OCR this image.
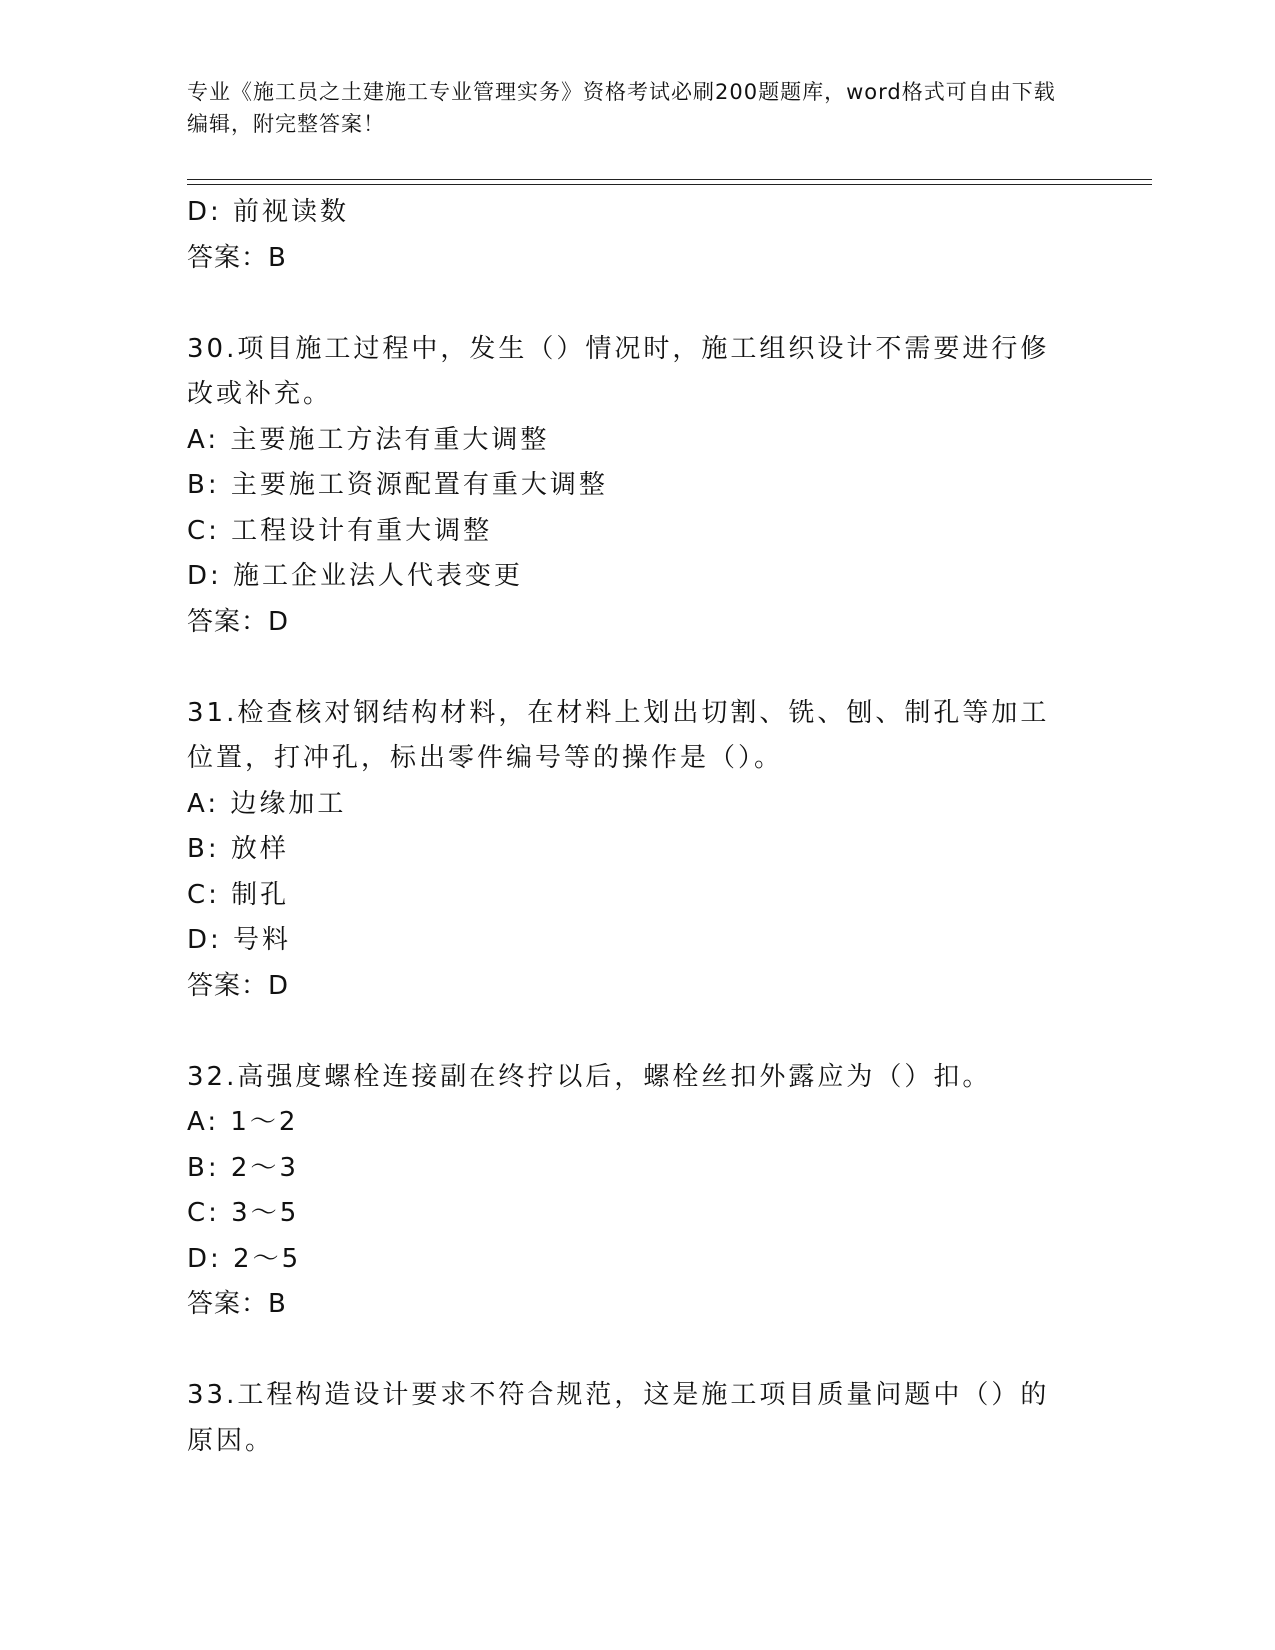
专业《施工员之土建施工专业管理实务》资格考试必刷200题题库，word格式可自由下载编辑，附完整答案！
D: 前视读数
答案：B
30.项目施工过程中，发生（）情况时，施工组织设计不需要进行修改或补充。
A: 主要施工方法有重大调整
B: 主要施工资源配置有重大调整
C: 工程设计有重大调整
D: 施工企业法人代表变更
答案：D
31.检查核对钢结构材料，在材料上划出切割、铣、刨、制孔等加工位置，打冲孔，标出零件编号等的操作是（）。
A: 边缘加工
B: 放样
C: 制孔
D: 号料
答案：D
32.高强度螺栓连接副在终拧以后，螺栓丝扣外露应为（）扣。
A: 1～2
B: 2～3
C: 3～5
D: 2～5
答案：B
33.工程构造设计要求不符合规范，这是施工项目质量问题中（）的原因。
